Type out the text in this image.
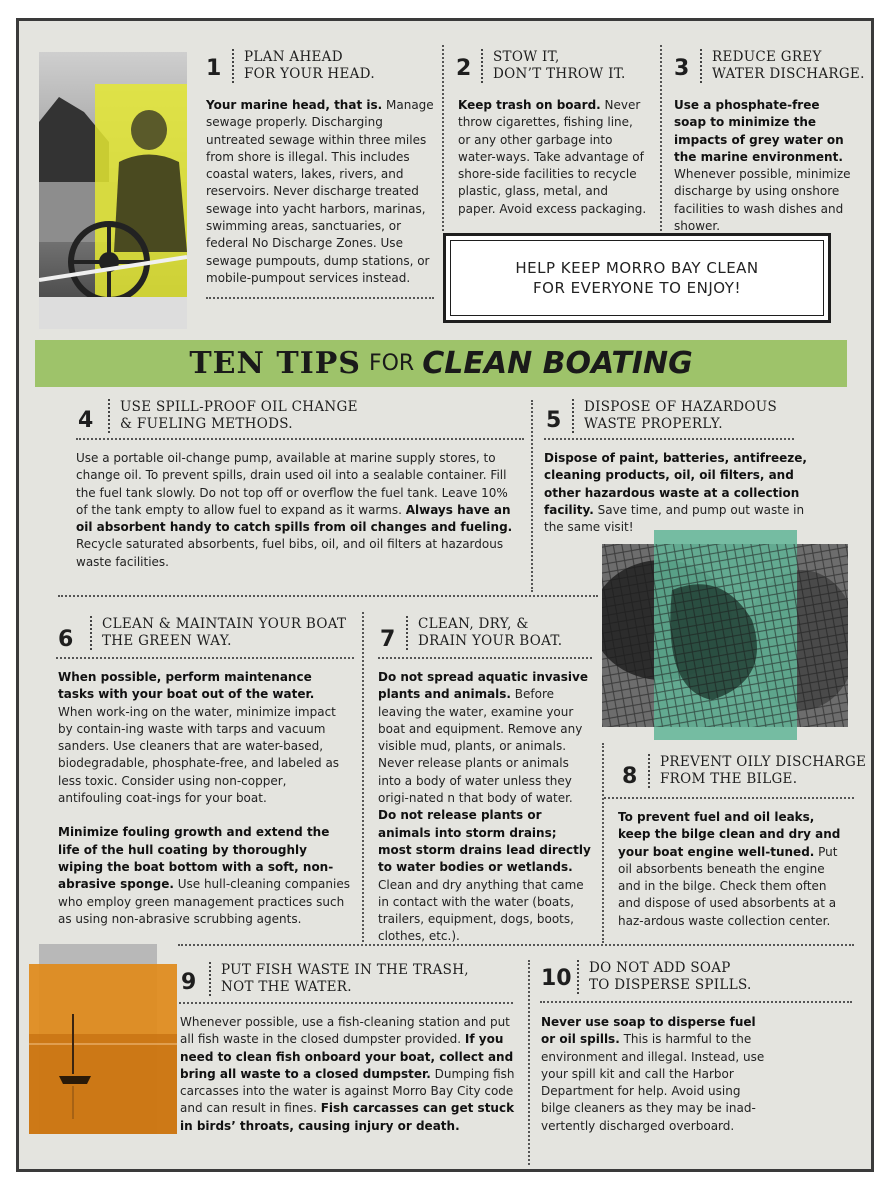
1 PLAN AHEAD
FOR YOUR HEAD.

Your marine head, that is. Manage sewage properly. Discharging untreated sewage within three miles from shore is illegal. This includes coastal waters, lakes, rivers, and reservoirs. Never discharge treated sewage into yacht harbors, marinas, swimming areas, sanctuaries, or federal No Discharge Zones. Use sewage pumpouts, dump stations, or mobile-pumpout services instead.

2 STOW IT,
DON’T THROW IT.

Keep trash on board. Never throw cigarettes, fishing line, or any other garbage into water-ways. Take advantage of shore-side facilities to recycle plastic, glass, metal, and paper. Avoid excess packaging.

3 REDUCE GREY
WATER DISCHARGE.

Use a phosphate-free soap to minimize the impacts of grey water on the marine environment. Whenever possible, minimize discharge by using onshore facilities to wash dishes and shower.

HELP KEEP MORRO BAY CLEAN
FOR EVERYONE TO ENJOY!
TEN TIPS FOR CLEAN BOATING
4
USE SPILL-PROOF OIL CHANGE
& FUELING METHODS.

Use a portable oil-change pump, available at marine supply stores, to change oil. To prevent spills, drain used oil into a sealable container. Fill the fuel tank slowly. Do not top off or overflow the fuel tank. Leave 10% of the tank empty to allow fuel to expand as it warms. Always have an oil absorbent handy to catch spills from oil changes and fueling. Recycle saturated absorbents, fuel bibs, oil, and oil filters at hazardous waste facilities.

5
DISPOSE OF HAZARDOUS
WASTE PROPERLY.

Dispose of paint, batteries, antifreeze, cleaning products, oil, oil filters, and other hazardous waste at a collection facility. Save time, and pump out waste in the same visit!

6
CLEAN & MAINTAIN YOUR BOAT
THE GREEN WAY.

When possible, perform maintenance tasks with your boat out of the water. When work-ing on the water, minimize impact by contain-ing waste with tarps and vacuum sanders. Use cleaners that are water-based, biodegradable, phosphate-free, and labeled as less toxic. Consider using non-copper, antifouling coat-ings for your boat.

Minimize fouling growth and extend the life of the hull coating by thoroughly wiping the boat bottom with a soft, non-abrasive sponge. Use hull-cleaning companies who employ green management practices such as using non-abrasive scrubbing agents.

7
CLEAN, DRY, &
DRAIN YOUR BOAT.

Do not spread aquatic invasive plants and animals. Before leaving the water, examine your boat and equipment. Remove any visible mud, plants, or animals. Never release plants or animals into a body of water unless they origi-nated n that body of water. Do not release plants or animals into storm drains; most storm drains lead directly to water bodies or wetlands. Clean and dry anything that came in contact with the water (boats, trailers, equipment, dogs, boots, clothes, etc.).

8
PREVENT OILY DISCHARGE
FROM THE BILGE.

To prevent fuel and oil leaks, keep the bilge clean and dry and your boat engine well-tuned. Put oil absorbents beneath the engine and in the bilge. Check them often and dispose of used absorbents at a haz-ardous waste collection center.

9 PUT FISH WASTE IN THE TRASH,
NOT THE WATER.

Whenever possible, use a fish-cleaning station and put all fish waste in the closed dumpster provided. If you need to clean fish onboard your boat, collect and bring all waste to a closed dumpster. Dumping fish carcasses into the water is against Morro Bay City code and can result in fines. Fish carcasses can get stuck in birds’ throats, causing injury or death.

10 DO NOT ADD SOAP
TO DISPERSE SPILLS.

Never use soap to disperse fuel or oil spills. This is harmful to the environment and illegal. Instead, use your spill kit and call the Harbor Department for help. Avoid using bilge cleaners as they may be inad-vertently discharged overboard.
